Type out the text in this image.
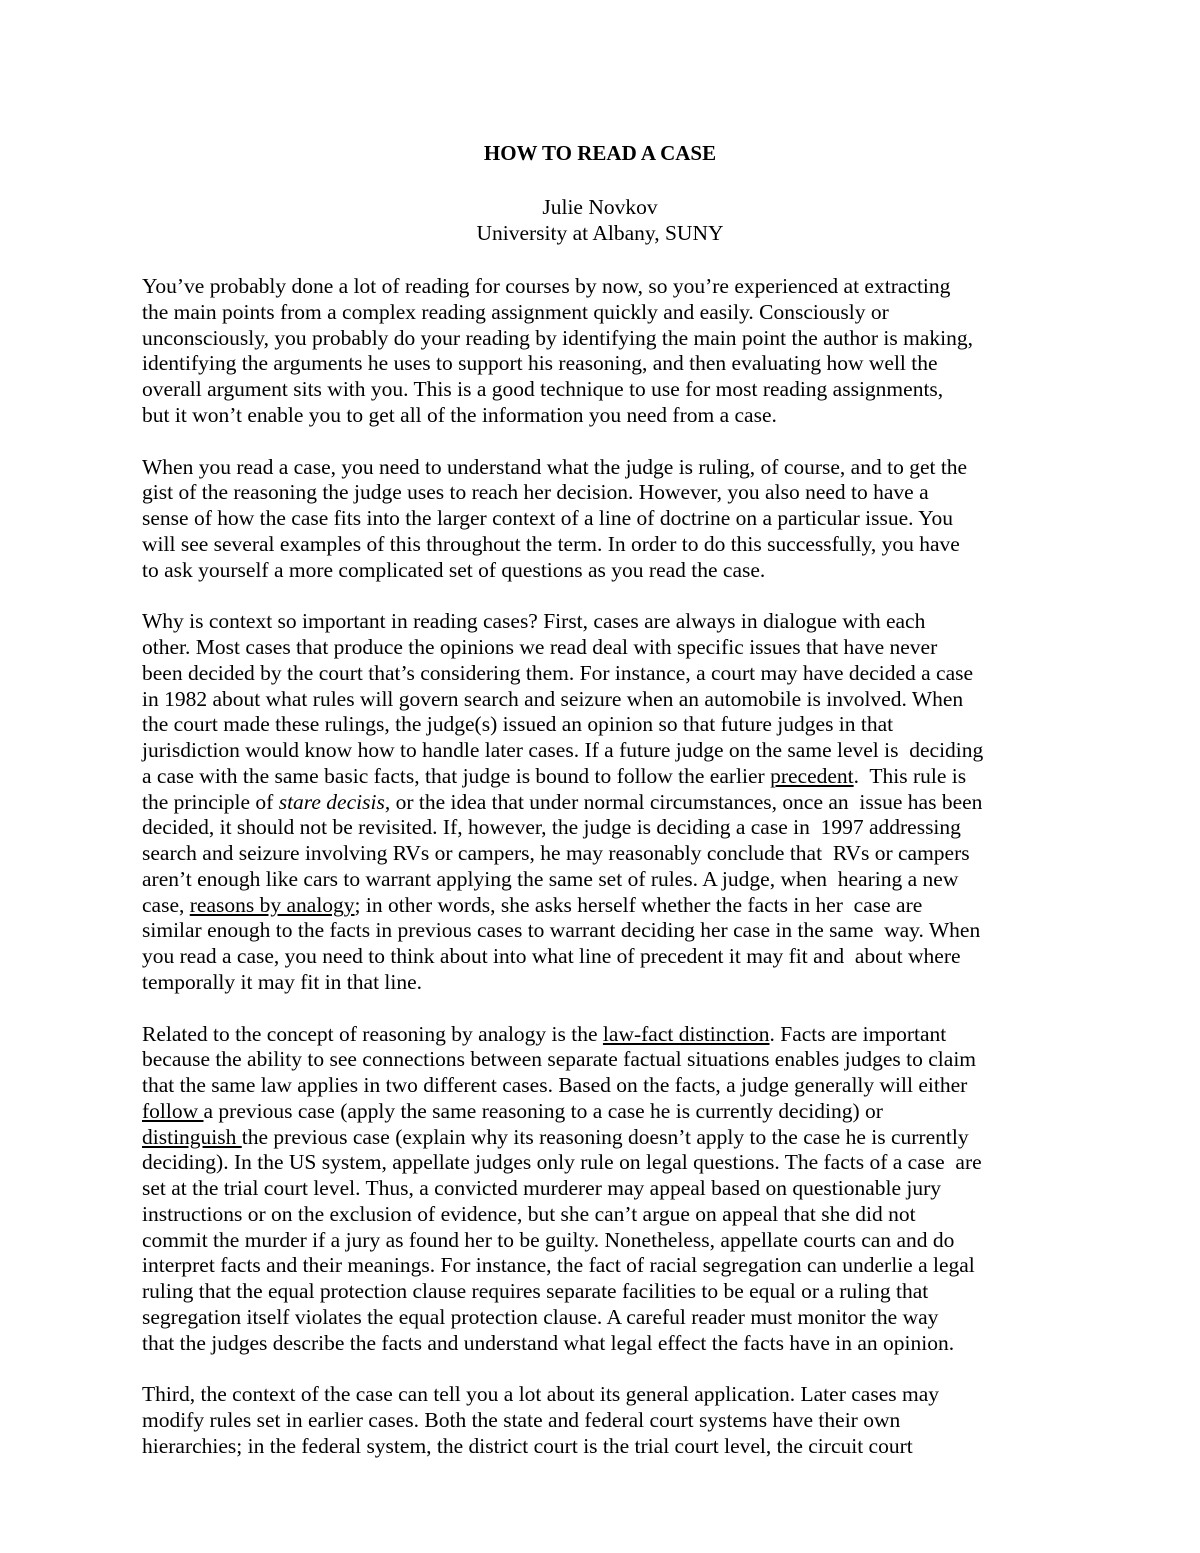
HOW TO READ A CASE
Julie Novkov
University at Albany, SUNY
You’ve probably done a lot of reading for courses by now, so you’re experienced at extracting
the main points from a complex reading assignment quickly and easily. Consciously or
unconsciously, you probably do your reading by identifying the main point the author is making,
identifying the arguments he uses to support his reasoning, and then evaluating how well the
overall argument sits with you. This is a good technique to use for most reading assignments,
but it won’t enable you to get all of the information you need from a case.
When you read a case, you need to understand what the judge is ruling, of course, and to get the
gist of the reasoning the judge uses to reach her decision. However, you also need to have a
sense of how the case fits into the larger context of a line of doctrine on a particular issue. You
will see several examples of this throughout the term. In order to do this successfully, you have
to ask yourself a more complicated set of questions as you read the case.
Why is context so important in reading cases? First, cases are always in dialogue with each
other. Most cases that produce the opinions we read deal with specific issues that have never
been decided by the court that’s considering them. For instance, a court may have decided a case
in 1982 about what rules will govern search and seizure when an automobile is involved. When
the court made these rulings, the judge(s) issued an opinion so that future judges in that
jurisdiction would know how to handle later cases. If a future judge on the same level is  deciding
a case with the same basic facts, that judge is bound to follow the earlier precedent.  This rule is
the principle of stare decisis, or the idea that under normal circumstances, once an  issue has been
decided, it should not be revisited. If, however, the judge is deciding a case in  1997 addressing
search and seizure involving RVs or campers, he may reasonably conclude that  RVs or campers
aren’t enough like cars to warrant applying the same set of rules. A judge, when  hearing a new
case, reasons by analogy; in other words, she asks herself whether the facts in her  case are
similar enough to the facts in previous cases to warrant deciding her case in the same  way. When
you read a case, you need to think about into what line of precedent it may fit and  about where
temporally it may fit in that line.
Related to the concept of reasoning by analogy is the law-fact distinction. Facts are important
because the ability to see connections between separate factual situations enables judges to claim
that the same law applies in two different cases. Based on the facts, a judge generally will either
follow a previous case (apply the same reasoning to a case he is currently deciding) or
distinguish the previous case (explain why its reasoning doesn’t apply to the case he is currently
deciding). In the US system, appellate judges only rule on legal questions. The facts of a case  are
set at the trial court level. Thus, a convicted murderer may appeal based on questionable jury
instructions or on the exclusion of evidence, but she can’t argue on appeal that she did not
commit the murder if a jury as found her to be guilty. Nonetheless, appellate courts can and do
interpret facts and their meanings. For instance, the fact of racial segregation can underlie a legal
ruling that the equal protection clause requires separate facilities to be equal or a ruling that
segregation itself violates the equal protection clause. A careful reader must monitor the way
that the judges describe the facts and understand what legal effect the facts have in an opinion.
Third, the context of the case can tell you a lot about its general application. Later cases may
modify rules set in earlier cases. Both the state and federal court systems have their own
hierarchies; in the federal system, the district court is the trial court level, the circuit court
